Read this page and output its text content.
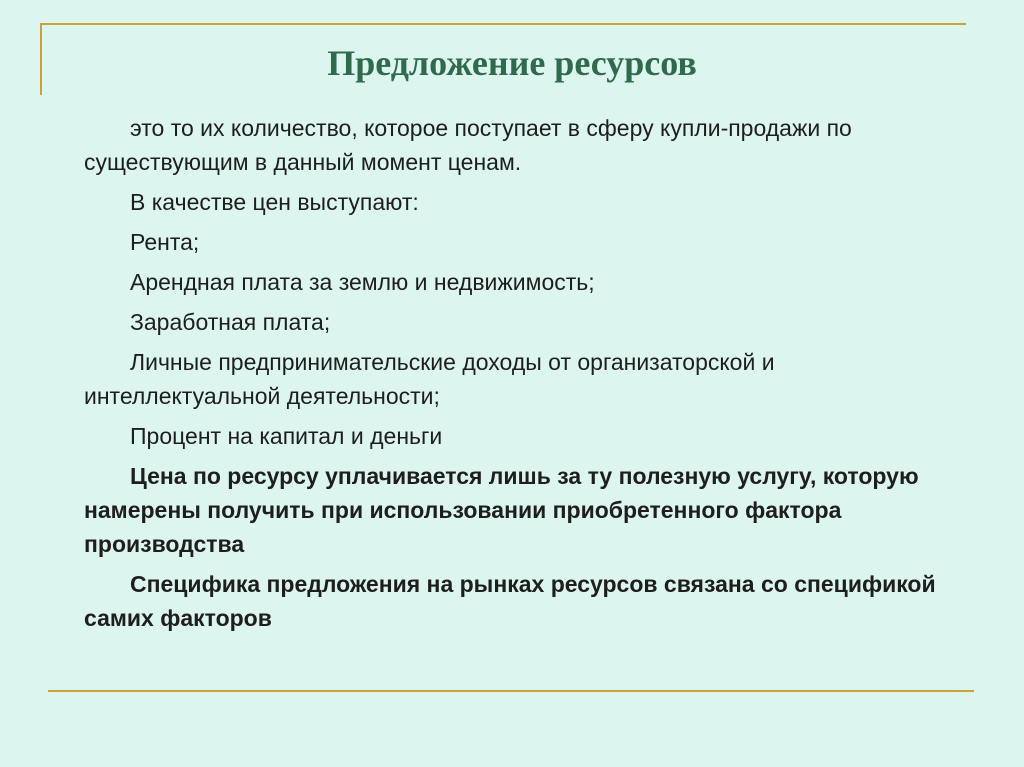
Предложение ресурсов

это то их количество, которое поступает в сферу купли-продажи по существующим в данный момент ценам.

В качестве цен выступают:

Рента;

Арендная плата за землю и недвижимость;

Заработная плата;

Личные предпринимательские доходы от организаторской и интеллектуальной деятельности;

Процент на капитал и деньги

Цена по ресурсу уплачивается лишь за ту полезную услугу, которую намерены получить при использовании приобретенного фактора производства

Специфика предложения на рынках ресурсов связана со спецификой самих факторов
